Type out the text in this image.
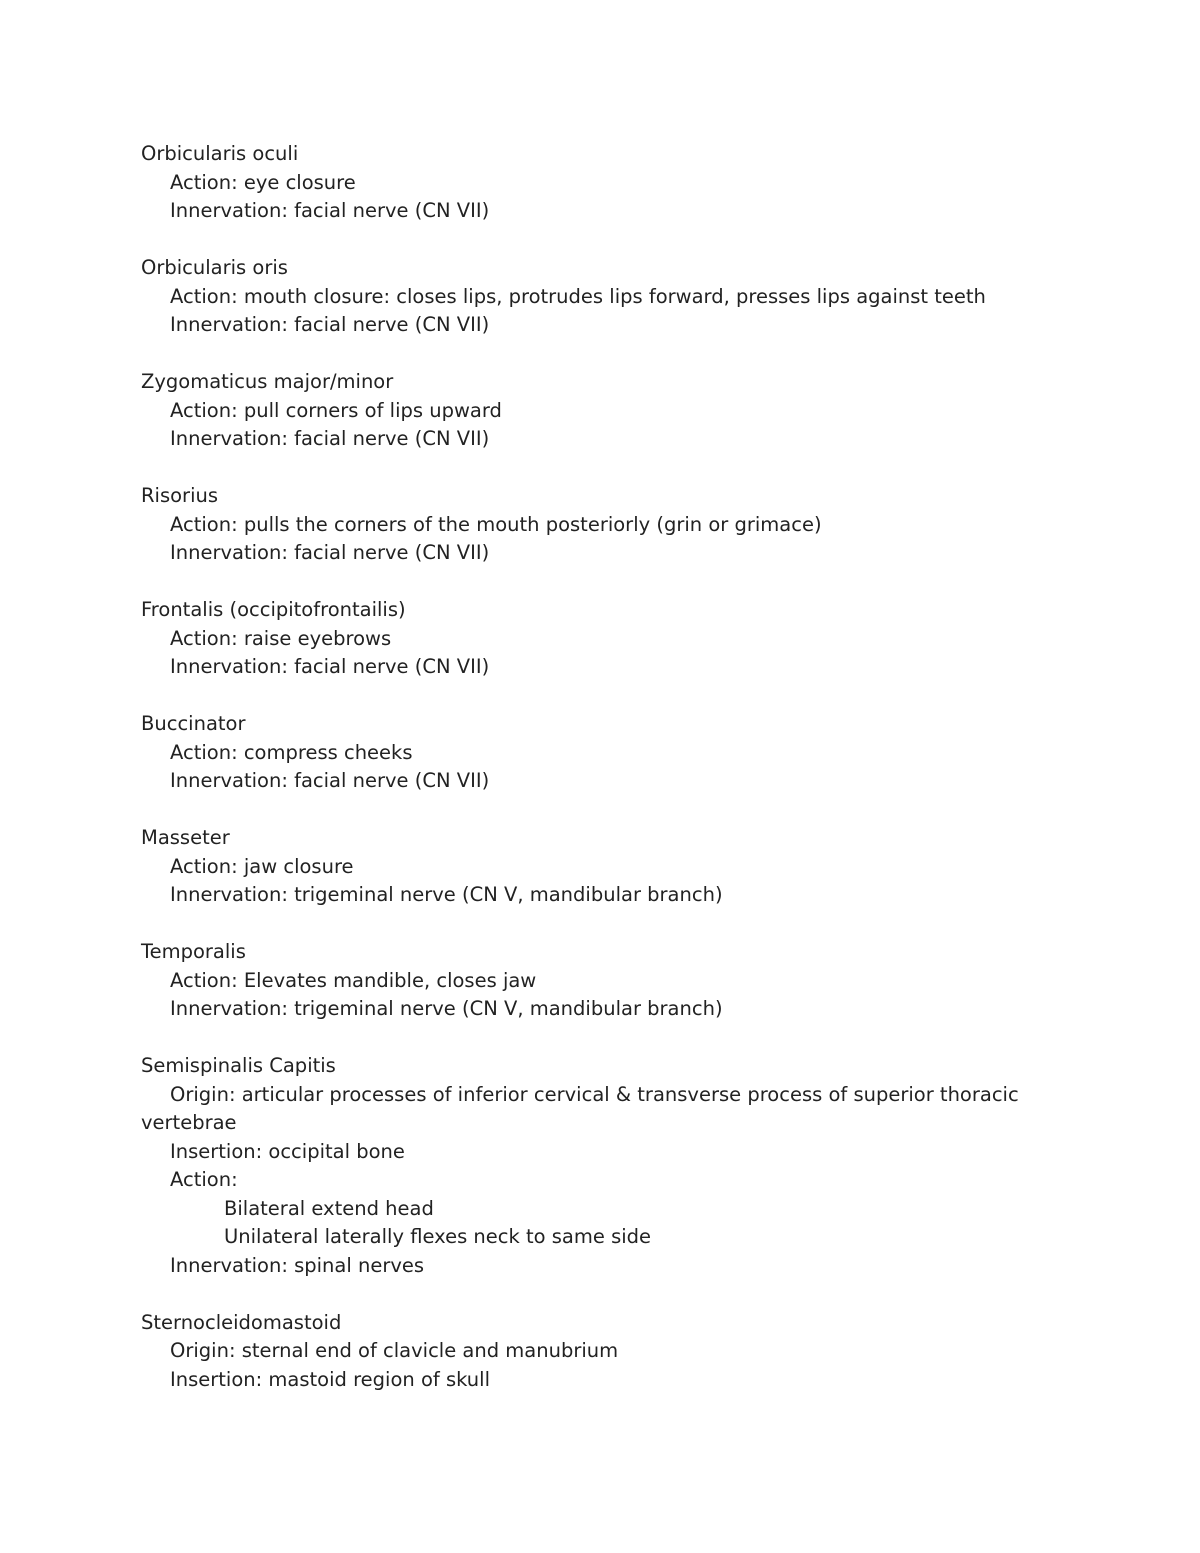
Orbicularis oculi
Action: eye closure
Innervation: facial nerve (CN VII)
Orbicularis oris
Action: mouth closure: closes lips, protrudes lips forward, presses lips against teeth
Innervation: facial nerve (CN VII)
Zygomaticus major/minor
Action: pull corners of lips upward
Innervation: facial nerve (CN VII)
Risorius
Action: pulls the corners of the mouth posteriorly (grin or grimace)
Innervation: facial nerve (CN VII)
Frontalis (occipitofrontailis)
Action: raise eyebrows
Innervation: facial nerve (CN VII)
Buccinator
Action: compress cheeks
Innervation: facial nerve (CN VII)
Masseter
Action: jaw closure
Innervation: trigeminal nerve (CN V, mandibular branch)
Temporalis
Action: Elevates mandible, closes jaw
Innervation: trigeminal nerve (CN V, mandibular branch)
Semispinalis Capitis
Origin: articular processes of inferior cervical & transverse process of superior thoracic
vertebrae
Insertion: occipital bone
Action:
Bilateral extend head
Unilateral laterally flexes neck to same side
Innervation: spinal nerves
Sternocleidomastoid
Origin: sternal end of clavicle and manubrium
Insertion: mastoid region of skull
